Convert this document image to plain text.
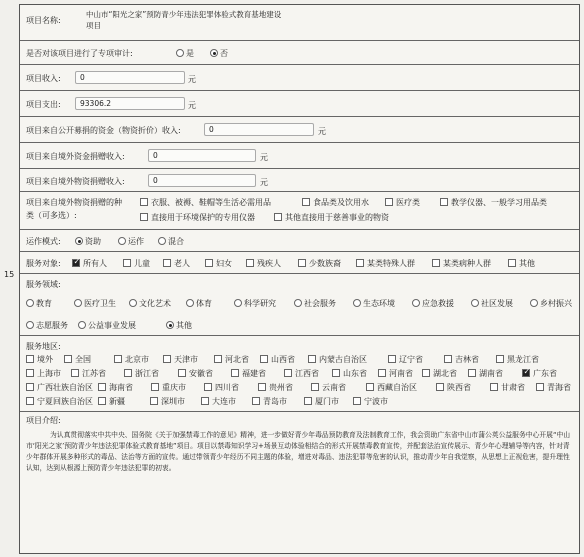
15
项目名称:
中山市“阳光之家”预防青少年违法犯罪体验式教育基地建设
项目
是否对该项目进行了专项审计:	是	否
项目收入:	0	元
项目支出:	93306.2	元
项目来自公开募捐的资金（物资折价）收入:	0	元
项目来自境外资金捐赠收入:	0	元
项目来自境外物资捐赠收入:	0	元
项目来自境外物资捐赠的种
类（可多选）:
衣服、被褥、鞋帽等生活必需用品	食品类及饮用水	医疗类	教学仪器、一般学习用品类
直接用于环境保护的专用仪器	其他直接用于慈善事业的物资
运作模式:	资助	运作	混合
服务对象: ✓	所有人	儿童	老人	妇女	残疾人	少数族裔	某类特殊人群	某类病种人群	其他
服务领域:
教育	医疗卫生	文化艺术	体育	科学研究	社会服务	生态环境	应急救援	社区发展	乡村振兴
志愿服务	公益事业发展	其他
服务地区:
境外	全国	北京市	天津市	河北省	山西省	内蒙古自治区	辽宁省	吉林省	黑龙江省
上海市	江苏省	浙江省	安徽省	福建省	江西省	山东省	河南省	湖北省	湖南省 ✓	广东省
广西壮族自治区	海南省	重庆市	四川省	贵州省	云南省	西藏自治区	陕西省	甘肃省	青海省
宁夏回族自治区	新疆	深圳市	大连市	青岛市	厦门市	宁波市
项目介绍:
为认真贯彻落实中共中央、国务院《关于加强禁毒工作的意见》精神，进一步做好青少年毒品预防教育及法制教育工作，我会资助广东省中山市蒲公英公益服务中心开展“中山市‘阳光之家’预防青少年违法犯罪体验式教育基地”项目。项目以禁毒知识学习+场景互动体验相结合的形式开展禁毒教育宣传，并配套法治宣传展示、青少年心理辅导等内容，针对青少年群体开展多种形式的毒品、法治等方面的宣传。通过带领青少年经历不同主题的体验，增进对毒品、违法犯罪等危害的认识，推动青少年自我觉察，从思想上正视危害，提升理性认知，达到从根源上预防青少年违法犯罪的初衷。
